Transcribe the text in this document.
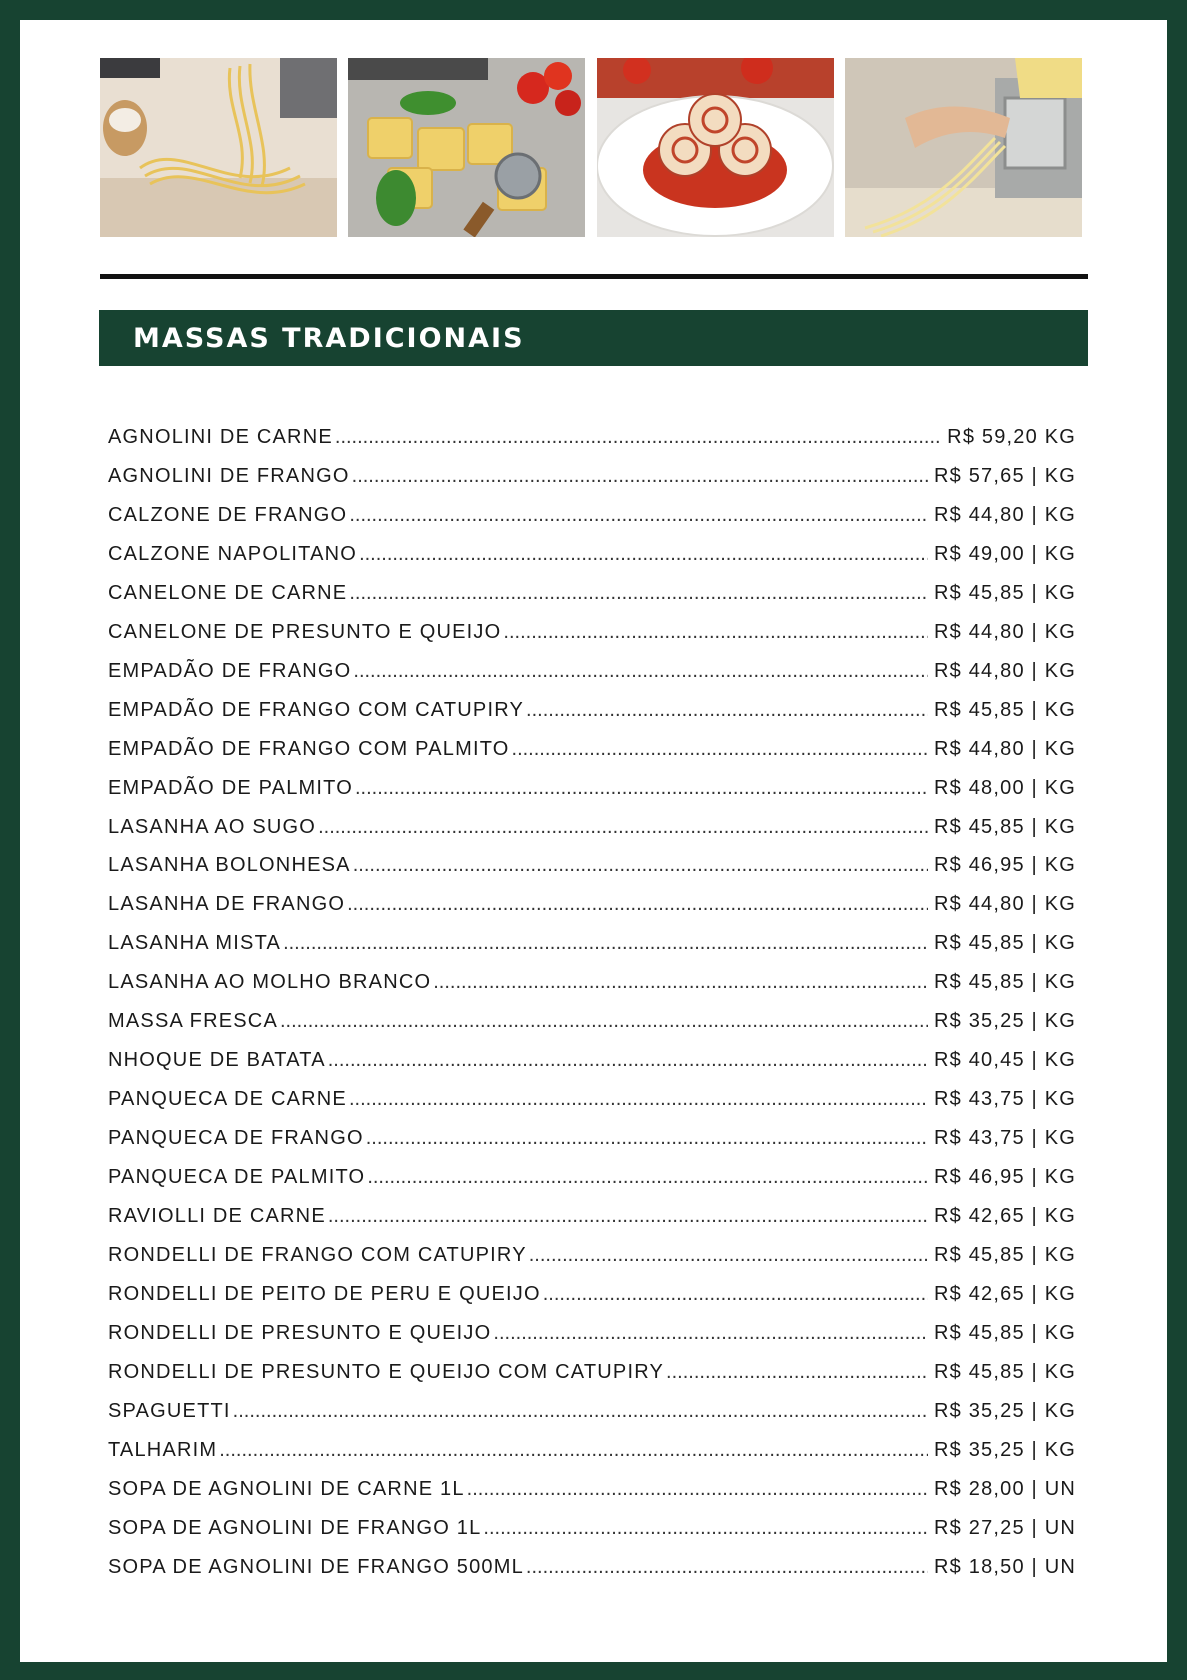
MASSAS TRADICIONAIS
AGNOLINI DE CARNE .....	R$ 59,20 KG
AGNOLINI DE FRANGO .....	R$ 57,65 | KG
CALZONE DE FRANGO .....	R$ 44,80 | KG
CALZONE NAPOLITANO .....	R$ 49,00 | KG
CANELONE DE CARNE .....	R$ 45,85 | KG
CANELONE DE PRESUNTO E QUEIJO .....	R$ 44,80 | KG
EMPADÃO DE FRANGO .....	R$ 44,80 | KG
EMPADÃO DE FRANGO COM CATUPIRY .....	R$ 45,85 | KG
EMPADÃO DE FRANGO COM PALMITO .....	R$ 44,80 | KG
EMPADÃO DE PALMITO .....	R$ 48,00 | KG
LASANHA AO SUGO .....	R$ 45,85 | KG
LASANHA BOLONHESA .....	R$ 46,95 | KG
LASANHA DE FRANGO .....	R$ 44,80 | KG
LASANHA MISTA .....	R$ 45,85 | KG
LASANHA AO MOLHO BRANCO .....	R$ 45,85 | KG
MASSA FRESCA .....	R$ 35,25 | KG
NHOQUE DE BATATA .....	R$ 40,45 | KG
PANQUECA DE CARNE .....	R$ 43,75 | KG
PANQUECA DE FRANGO .....	R$ 43,75 | KG
PANQUECA DE PALMITO .....	R$ 46,95 | KG
RAVIOLLI DE CARNE .....	R$ 42,65 | KG
RONDELLI DE FRANGO COM CATUPIRY .....	R$ 45,85 | KG
RONDELLI DE PEITO DE PERU E QUEIJO .....	R$ 42,65 | KG
RONDELLI DE PRESUNTO E QUEIJO .....	R$ 45,85 | KG
RONDELLI DE PRESUNTO E QUEIJO COM CATUPIRY .....	R$ 45,85 | KG
SPAGUETTI .....	R$ 35,25 | KG
TALHARIM .....	R$ 35,25 | KG
SOPA DE AGNOLINI DE CARNE 1L .....	R$ 28,00 | UN
SOPA DE AGNOLINI DE FRANGO 1L .....	R$ 27,25 | UN
SOPA DE AGNOLINI DE FRANGO 500ML .....	R$ 18,50 | UN
